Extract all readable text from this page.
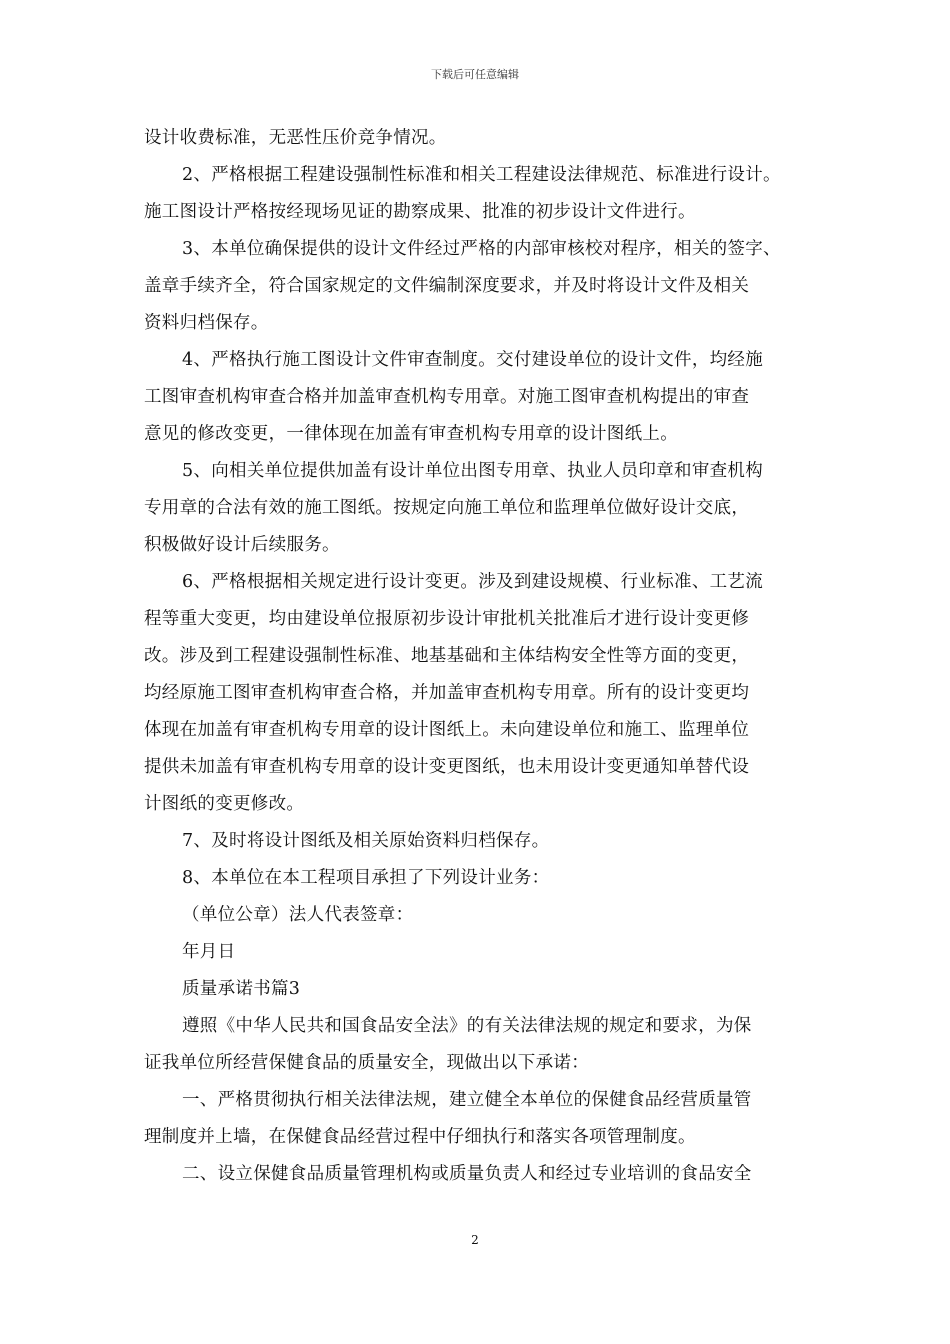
下载后可任意编辑
设计收费标准，无恶性压价竞争情况。
2、严格根据工程建设强制性标准和相关工程建设法律规范、标准进行设计。
施工图设计严格按经现场见证的勘察成果、批准的初步设计文件进行。
3、本单位确保提供的设计文件经过严格的内部审核校对程序，相关的签字、
盖章手续齐全，符合国家规定的文件编制深度要求，并及时将设计文件及相关
资料归档保存。
4、严格执行施工图设计文件审查制度。交付建设单位的设计文件，均经施
工图审查机构审查合格并加盖审查机构专用章。对施工图审查机构提出的审查
意见的修改变更，一律体现在加盖有审查机构专用章的设计图纸上。
5、向相关单位提供加盖有设计单位出图专用章、执业人员印章和审查机构
专用章的合法有效的施工图纸。按规定向施工单位和监理单位做好设计交底，
积极做好设计后续服务。
6、严格根据相关规定进行设计变更。涉及到建设规模、行业标准、工艺流
程等重大变更，均由建设单位报原初步设计审批机关批准后才进行设计变更修
改。涉及到工程建设强制性标准、地基基础和主体结构安全性等方面的变更，
均经原施工图审查机构审查合格，并加盖审查机构专用章。所有的设计变更均
体现在加盖有审查机构专用章的设计图纸上。未向建设单位和施工、监理单位
提供未加盖有审查机构专用章的设计变更图纸，也未用设计变更通知单替代设
计图纸的变更修改。
7、及时将设计图纸及相关原始资料归档保存。
8、本单位在本工程项目承担了下列设计业务：
（单位公章）法人代表签章：
年月日
质量承诺书篇3
遵照《中华人民共和国食品安全法》的有关法律法规的规定和要求，为保
证我单位所经营保健食品的质量安全，现做出以下承诺：
一、严格贯彻执行相关法律法规，建立健全本单位的保健食品经营质量管
理制度并上墙，在保健食品经营过程中仔细执行和落实各项管理制度。
二、设立保健食品质量管理机构或质量负责人和经过专业培训的食品安全
2
